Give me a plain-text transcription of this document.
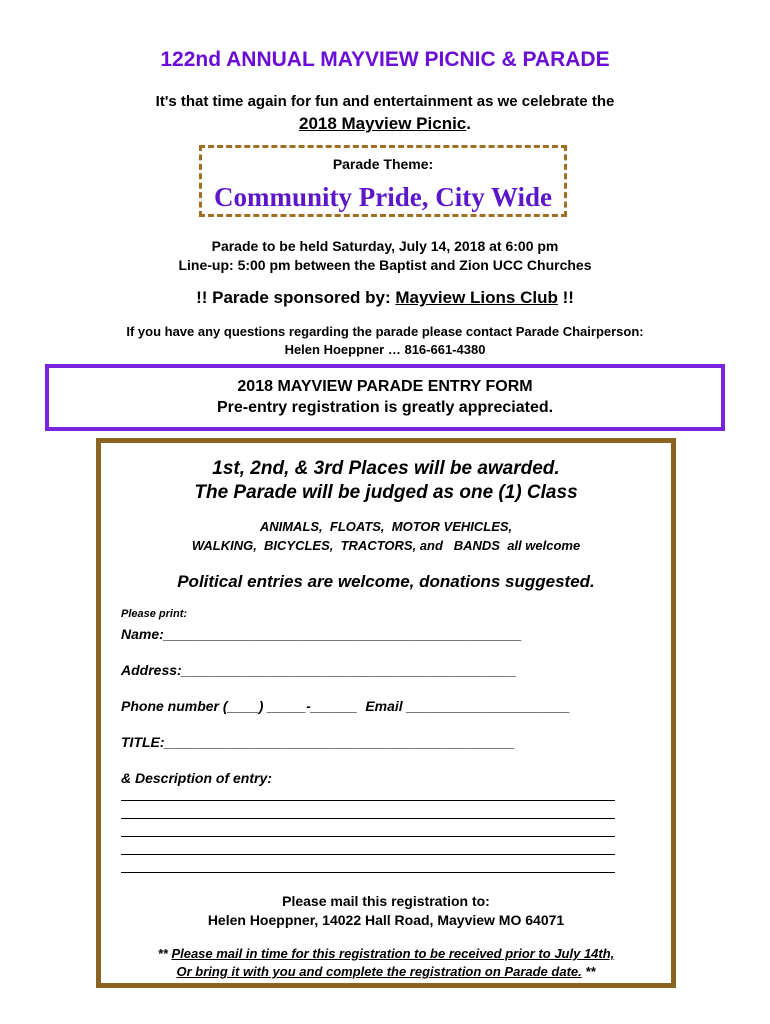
122nd ANNUAL MAYVIEW PICNIC & PARADE
It's that time again for fun and entertainment as we celebrate the
2018 Mayview Picnic.
Parade Theme:
Community Pride, City Wide
Parade to be held Saturday, July 14, 2018 at 6:00 pm
Line-up: 5:00 pm between the Baptist and Zion UCC Churches
!! Parade sponsored by: Mayview Lions Club !!
If you have any questions regarding the parade please contact Parade Chairperson:
Helen Hoeppner … 816-661-4380
2018 MAYVIEW PARADE ENTRY FORM
Pre-entry registration is greatly appreciated.
1st, 2nd, & 3rd Places will be awarded.
The Parade will be judged as one (1) Class
ANIMALS,  FLOATS,  MOTOR VEHICLES,
WALKING,  BICYCLES,  TRACTORS, and   BANDS  all welcome
Political entries are welcome, donations suggested.
Please print:
Name:______________________________________________
Address:___________________________________________
Phone number (____) _____-______  Email _____________________
TITLE:_____________________________________________
& Description of entry:
Please mail this registration to:
Helen Hoeppner, 14022 Hall Road, Mayview MO 64071
** Please mail in time for this registration to be received prior to July 14th,
Or bring it with you and complete the registration on Parade date. **
